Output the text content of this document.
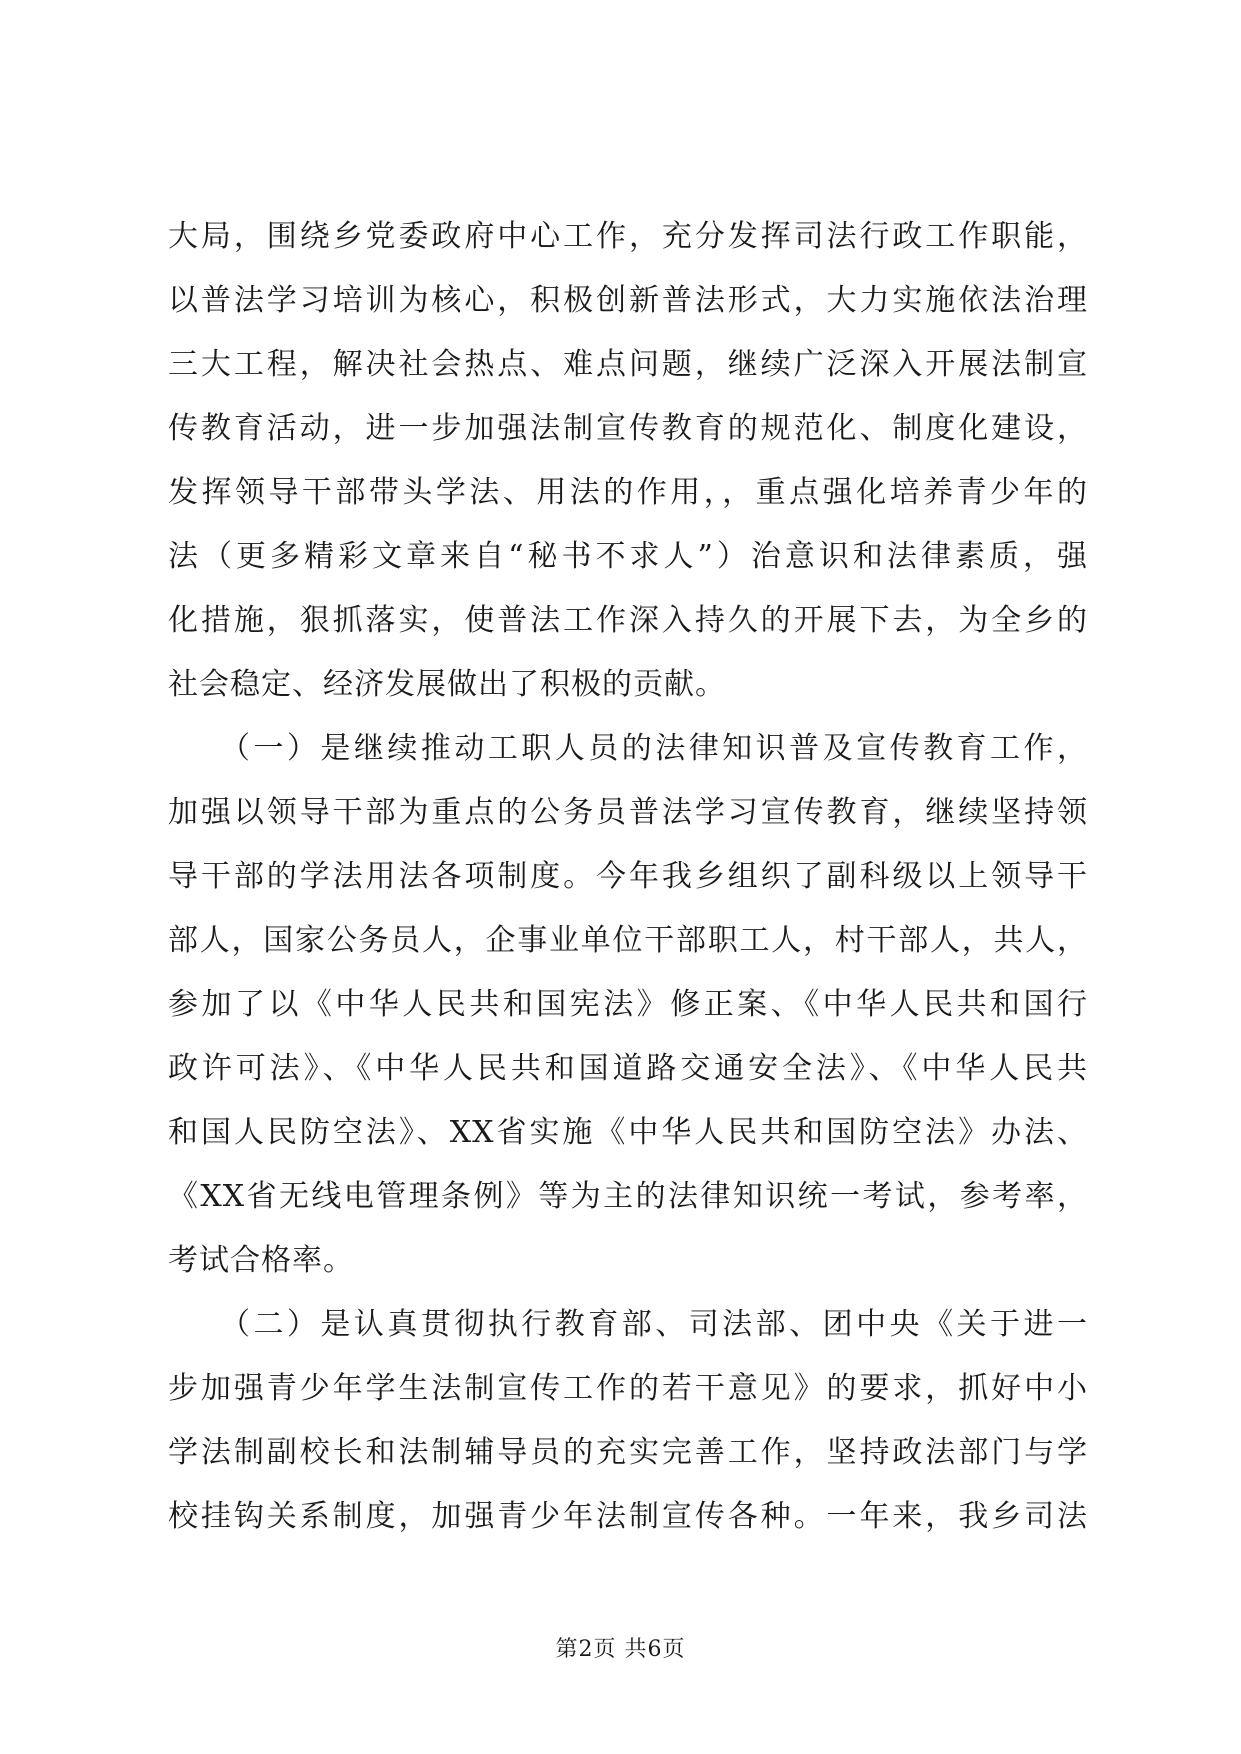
大局，围绕乡党委政府中心工作，充分发挥司法行政工作职能，
以普法学习培训为核心，积极创新普法形式，大力实施依法治理
三大工程，解决社会热点、难点问题，继续广泛深入开展法制宣
传教育活动，进一步加强法制宣传教育的规范化、制度化建设，
发挥领导干部带头学法、用法的作用，，重点强化培养青少年的
法（更多精彩文章来自“秘书不求人”）治意识和法律素质，强
化措施，狠抓落实，使普法工作深入持久的开展下去，为全乡的
社会稳定、经济发展做出了积极的贡献。
　　（一）是继续推动工职人员的法律知识普及宣传教育工作，
加强以领导干部为重点的公务员普法学习宣传教育，继续坚持领
导干部的学法用法各项制度。今年我乡组织了副科级以上领导干
部人，国家公务员人，企事业单位干部职工人，村干部人，共人，
参加了以《中华人民共和国宪法》修正案、《中华人民共和国行
政许可法》、《中华人民共和国道路交通安全法》、《中华人民共
和国人民防空法》、XX省实施《中华人民共和国防空法》办法、
《XX省无线电管理条例》等为主的法律知识统一考试，参考率，
考试合格率。
　　（二）是认真贯彻执行教育部、司法部、团中央《关于进一
步加强青少年学生法制宣传工作的若干意见》的要求，抓好中小
学法制副校长和法制辅导员的充实完善工作，坚持政法部门与学
校挂钩关系制度，加强青少年法制宣传各种。一年来，我乡司法
第2页 共6页
